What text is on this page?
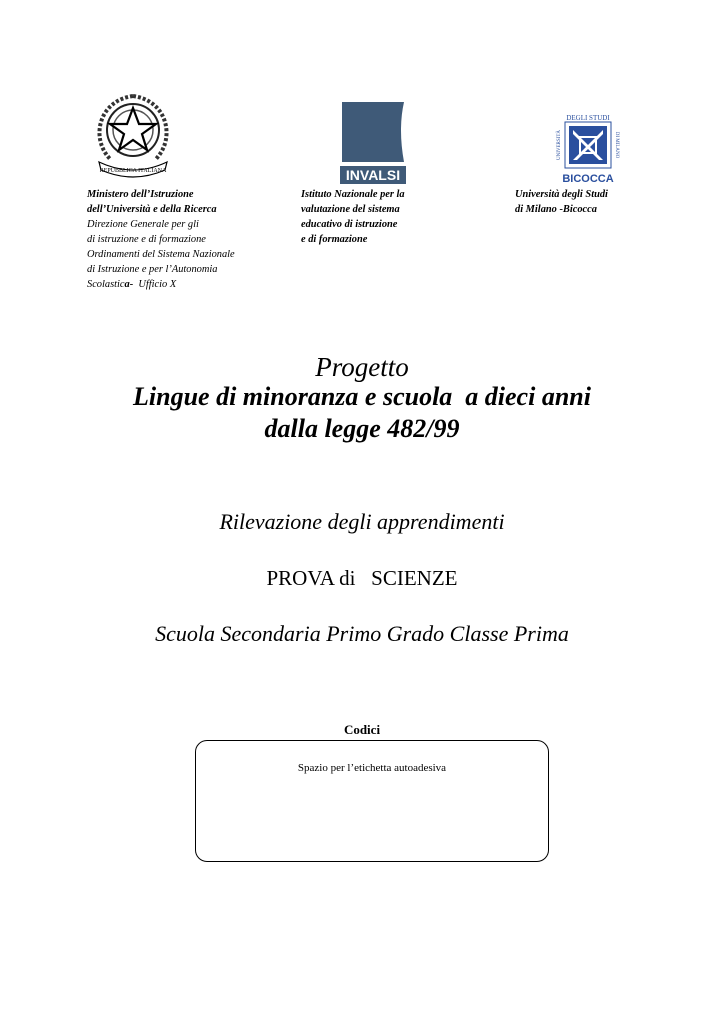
REPUBBLICA ITALIANA	INVALSI
DEGLI STUDI
UNIVERSITÀ	DI MILANO
BICOCCA
Ministero dell’Istruzione
dell’Università e della Ricerca
Direzione Generale per gli
di istruzione e di formazione
Ordinamenti del Sistema Nazionale
di Istruzione e per l’Autonomia
Scolastica-  Ufficio X
Istituto Nazionale per la
valutazione del sistema
educativo di istruzione
e di formazione
Università degli Studi
di Milano -Bicocca
Progetto
Lingue di minoranza e scuola  a dieci anni
dalla legge 482/99
Rilevazione degli apprendimenti
PROVA di   SCIENZE
Scuola Secondaria Primo Grado Classe Prima
Codici
Spazio per l’etichetta autoadesiva
